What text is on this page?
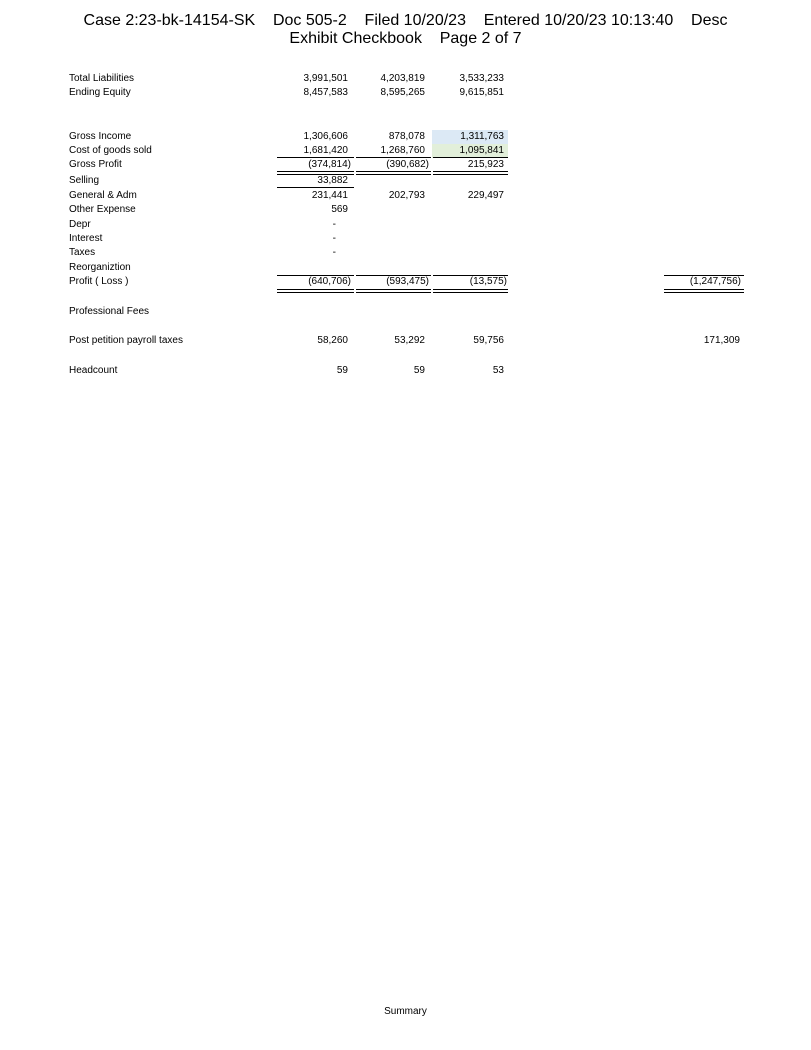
Case 2:23-bk-14154-SK    Doc 505-2    Filed 10/20/23    Entered 10/20/23 10:13:40    Desc
Exhibit Checkbook    Page 2 of 7
Total Liabilities	3,991,501	4,203,819	3,533,233
Ending Equity	8,457,583	8,595,265	9,615,851
Gross Income	1,306,606	878,078	1,311,763
Cost of goods sold	1,681,420	1,268,760	1,095,841
Gross Profit	(374,814)	(390,682)	215,923
Selling	33,882
General & Adm	231,441	202,793	229,497
Other Expense	569
Depr	-
Interest	-
Taxes	-
Reorganiztion
Profit ( Loss )	(640,706)	(593,475)	(13,575)	(1,247,756)
Professional Fees
Post petition payroll taxes	58,260	53,292	59,756	171,309
Headcount	59	59	53
Summary
